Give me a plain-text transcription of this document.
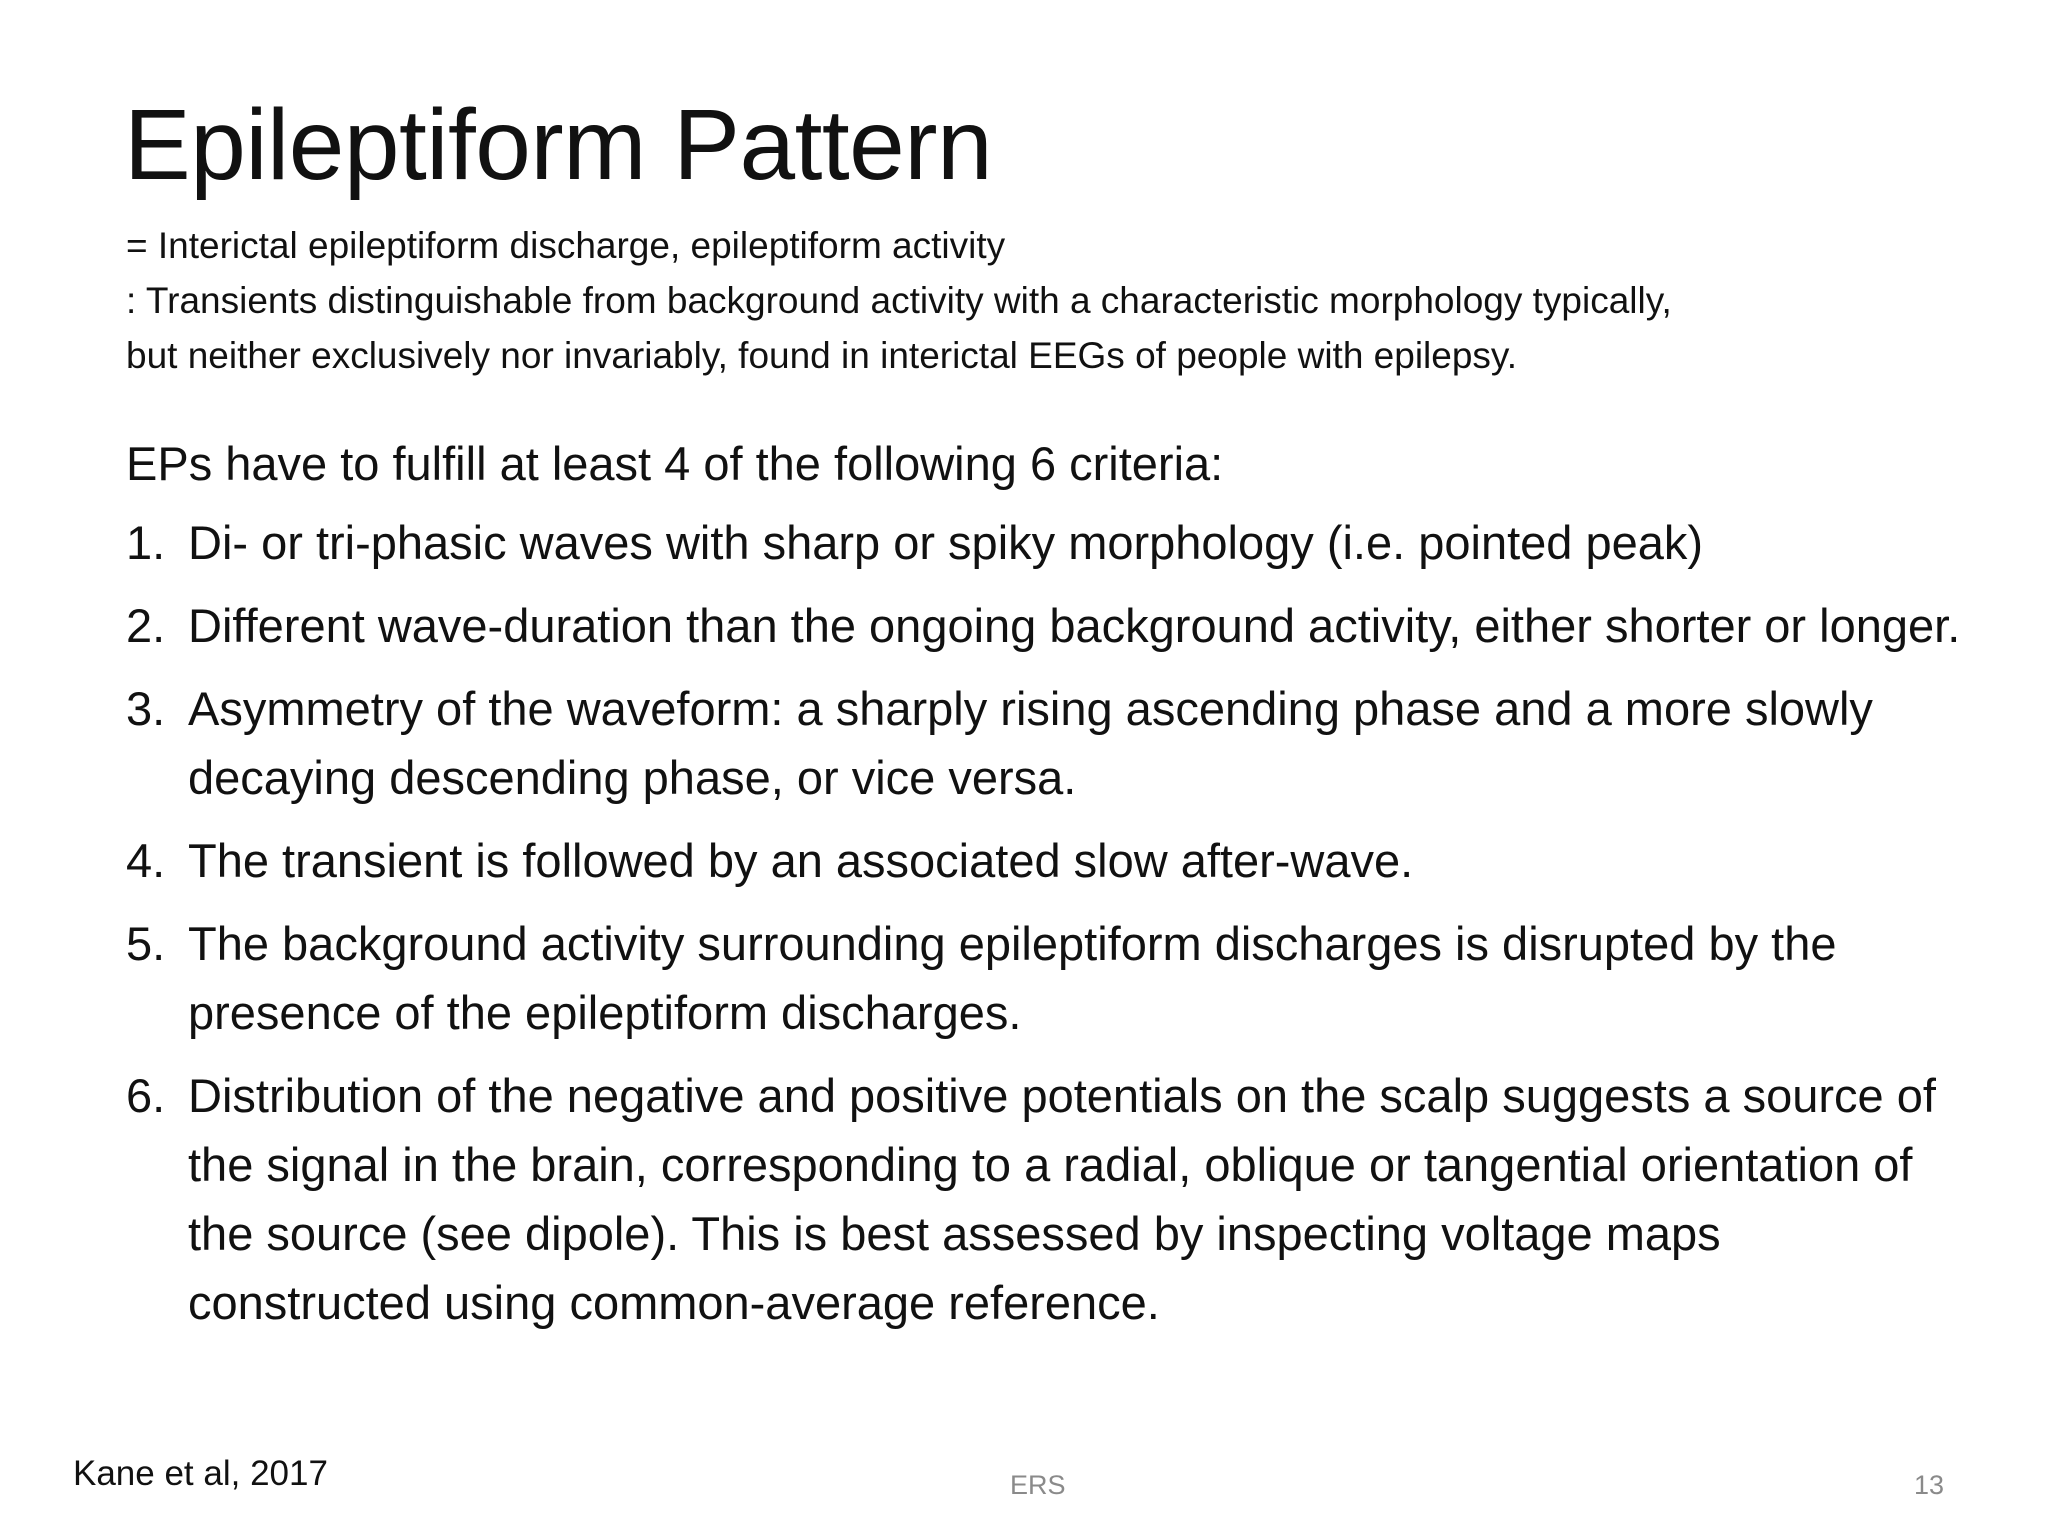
Epileptiform Pattern
= Interictal epileptiform discharge, epileptiform activity
: Transients distinguishable from background activity with a characteristic morphology typically,
but neither exclusively nor invariably, found in interictal EEGs of people with epilepsy.
EPs have to fulfill at least 4 of the following 6 criteria:
1. Di- or tri-phasic waves with sharp or spiky morphology (i.e. pointed peak)
2. Different wave-duration than the ongoing background activity, either shorter or longer.
3. Asymmetry of the waveform: a sharply rising ascending phase and a more slowly decaying descending phase, or vice versa.
4. The transient is followed by an associated slow after-wave.
5. The background activity surrounding epileptiform discharges is disrupted by the presence of the epileptiform discharges.
6. Distribution of the negative and positive potentials on the scalp suggests a source of the signal in the brain, corresponding to a radial, oblique or tangential orientation of the source (see dipole). This is best assessed by inspecting voltage maps constructed using common-average reference.
Kane et al, 2017	ERS	13
